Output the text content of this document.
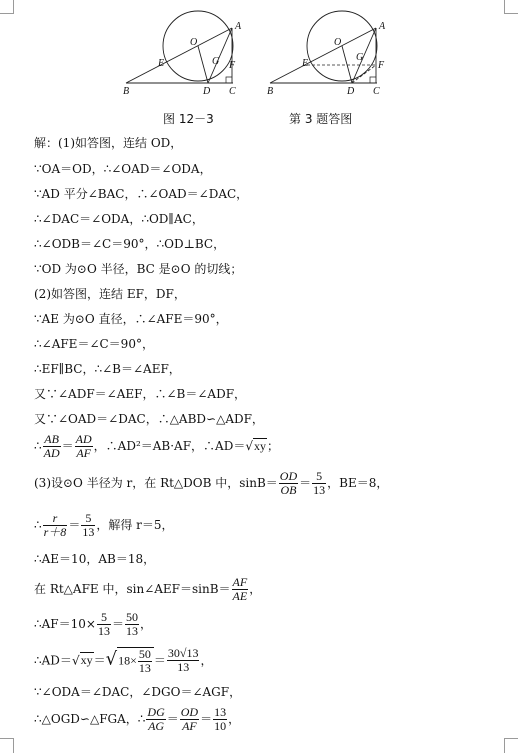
O
A
E	G F
B	D C
O
A
E
G
F
B	D C
图 12－3	第 3 题答图
解：(1)如答图，连结 OD，
∵OA＝OD，∴∠OAD＝∠ODA，
∵AD 平分∠BAC，∴∠OAD＝∠DAC，
∴∠DAC＝∠ODA，∴OD∥AC，
∴∠ODB＝∠C＝90°，∴OD⊥BC，
∵OD 为⊙O 半径，BC 是⊙O 的切线；
(2)如答图，连结 EF，DF，
∵AE 为⊙O 直径，∴∠AFE＝90°，
∴∠AFE＝∠C＝90°，
∴EF∥BC，∴∠B＝∠AEF，
又∵∠ADF＝∠AEF，∴∠B＝∠ADF，
又∵∠OAD＝∠DAC，∴△ABD∽△ADF，
∴ $\frac{AB}{AD} = \frac{AD}{AF}$ ，∴AD²＝AB·AF，∴AD＝√xy；
(3)设⊙O 半径为 r，在 Rt△DOB 中，$\sin B= \frac{OD}{OB} = \frac{5}{13}$ ，BE＝8，
∴ $\frac{r}{r+8} = \frac{5}{13}$ ，解得 r＝5，
∴AE＝10，AB＝18，
在 Rt△AFE 中，sin∠AEF＝sinB＝ $\frac{AF}{AE}$ ，
∴AF＝10× $\frac{5}{13} = \frac{50}{13}$ ，
∴AD＝√xy＝√18× $\frac{50}{13} = \frac{30√13}{13}$ ，
∵∠ODA＝∠DAC，∠DGO＝∠AGF，
∴△OGD∽△FGA，∴ $\frac{DG}{AG} = \frac{OD}{AF} = \frac{13}{10}$ ，
